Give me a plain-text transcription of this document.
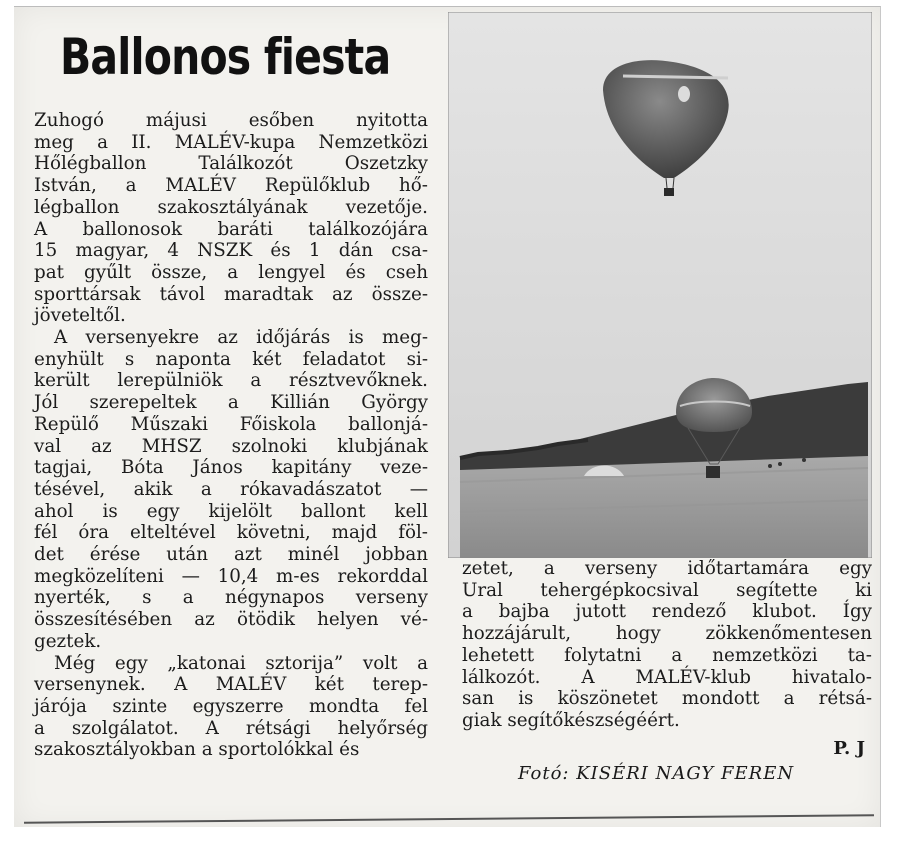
Ballonos fiesta
Zuhogó májusi esőben nyitotta
meg a II. MALÉV-kupa Nemzetközi
Hőlégballon Találkozót Oszetzky
István, a MALÉV Repülőklub hő-
légballon szakosztályának vezetője.
A ballonosok baráti találkozójára
15 magyar, 4 NSZK és 1 dán csa-
pat gyűlt össze, a lengyel és cseh
sporttársak távol maradtak az össze-
jöveteltől.
A versenyekre az időjárás is meg-
enyhült s naponta két feladatot si-
került lerepülniök a résztvevőknek.
Jól szerepeltek a Killián György
Repülő Műszaki Főiskola ballonjá-
val az MHSZ szolnoki klubjának
tagjai, Bóta János kapitány veze-
tésével, akik a rókavadászatot —
ahol is egy kijelölt ballont kell
fél óra elteltével követni, majd föl-
det érése után azt minél jobban
megközelíteni — 10,4 m-es rekorddal
nyerték, s a négynapos verseny
összesítésében az ötödik helyen vé-
geztek.
Még egy „katonai sztorija” volt a
versenynek. A MALÉV két terep-
járója szinte egyszerre mondta fel
a szolgálatot. A rétsági helyőrség
szakosztályokban a sportolókkal és
zetet, a verseny időtartamára egy
Ural tehergépkocsival segítette ki
a bajba jutott rendező klubot. Így
hozzájárult, hogy zökkenőmentesen
lehetett folytatni a nemzetközi ta-
lálkozót. A MALÉV-klub hivatalo-
san is köszönetet mondott a rétsá-
giak segítőkészségéért.
P. J
Fotó: KISÉRI NAGY FEREN
